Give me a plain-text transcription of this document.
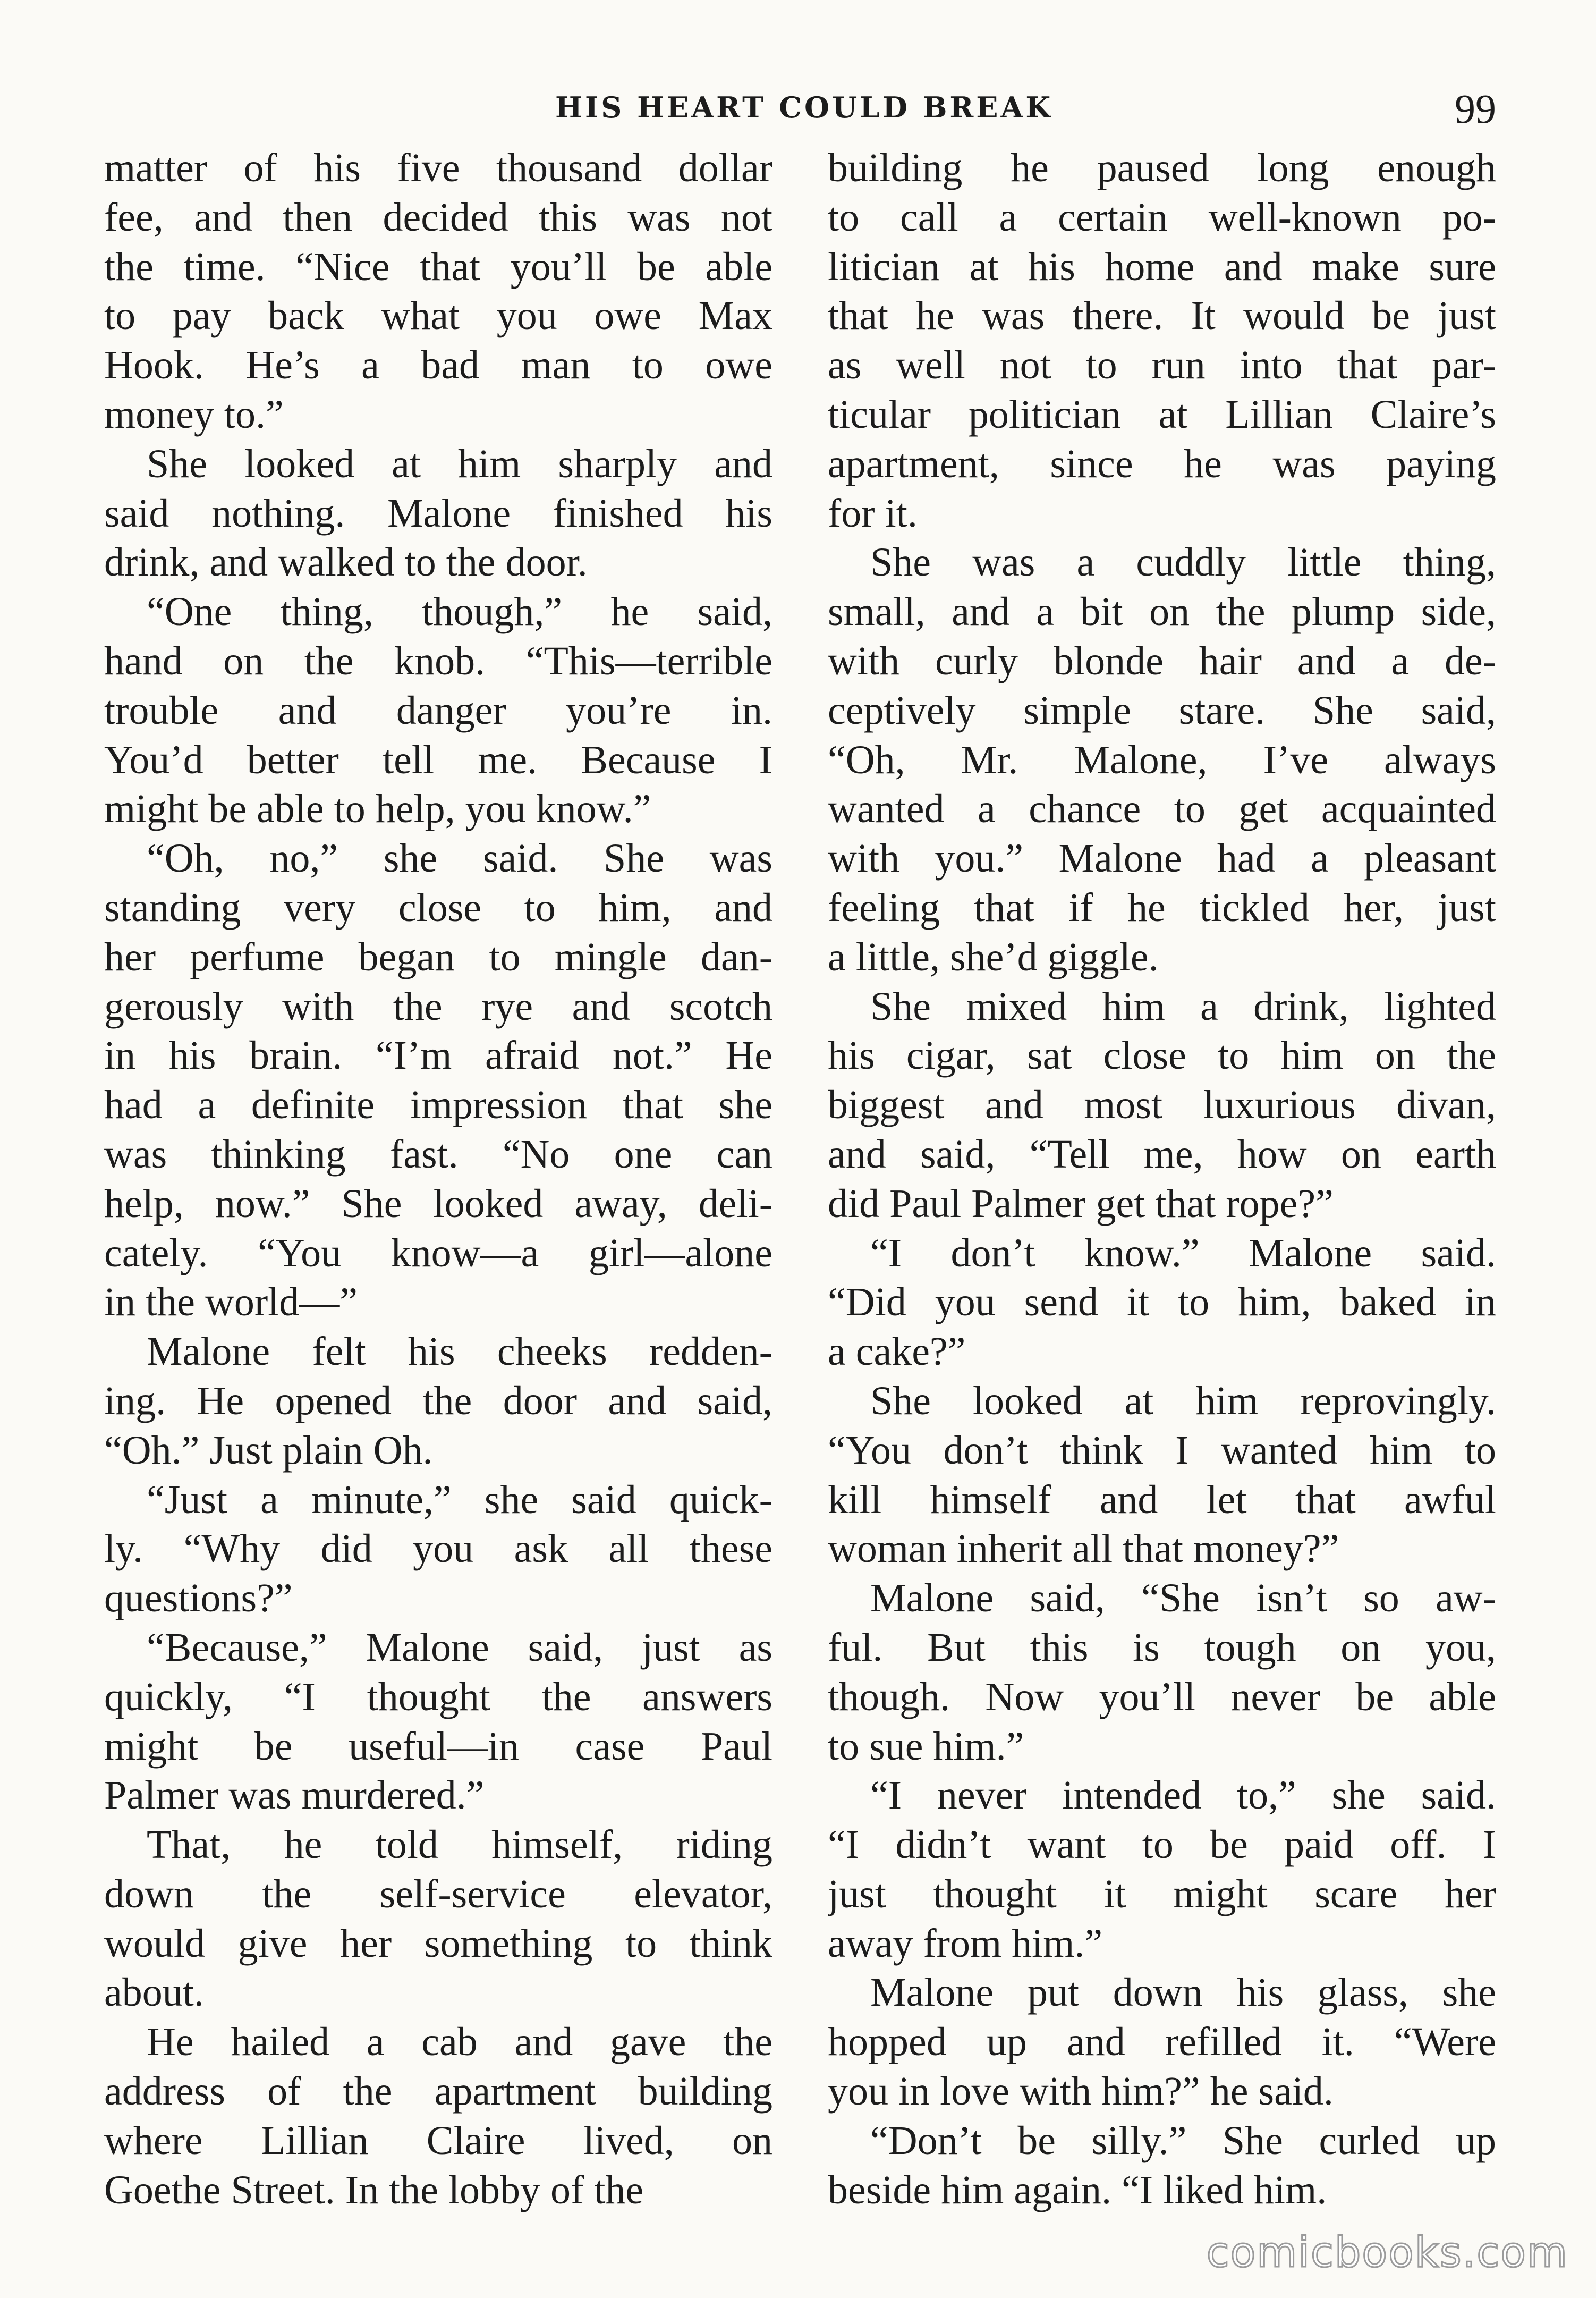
HIS HEART COULD BREAK	99
matter of his five thousand dollar
fee, and then decided this was not
the time. “Nice that you’ll be able
to pay back what you owe Max
Hook. He’s a bad man to owe
money to.”
She looked at him sharply and
said nothing. Malone finished his
drink, and walked to the door.
“One thing, though,” he said,
hand on the knob. “This—terrible
trouble and danger you’re in.
You’d better tell me. Because I
might be able to help, you know.”
“Oh, no,” she said. She was
standing very close to him, and
her perfume began to mingle dan-
gerously with the rye and scotch
in his brain. “I’m afraid not.” He
had a definite impression that she
was thinking fast. “No one can
help, now.” She looked away, deli-
cately. “You know—a girl—alone
in the world—”
Malone felt his cheeks redden-
ing. He opened the door and said,
“Oh.” Just plain Oh.
“Just a minute,” she said quick-
ly. “Why did you ask all these
questions?”
“Because,” Malone said, just as
quickly, “I thought the answers
might be useful—in case Paul
Palmer was murdered.”
That, he told himself, riding
down the self-service elevator,
would give her something to think
about.
He hailed a cab and gave the
address of the apartment building
where Lillian Claire lived, on
Goethe Street. In the lobby of the
building he paused long enough
to call a certain well-known po-
litician at his home and make sure
that he was there. It would be just
as well not to run into that par-
ticular politician at Lillian Claire’s
apartment, since he was paying
for it.
She was a cuddly little thing,
small, and a bit on the plump side,
with curly blonde hair and a de-
ceptively simple stare. She said,
“Oh, Mr. Malone, I’ve always
wanted a chance to get acquainted
with you.” Malone had a pleasant
feeling that if he tickled her, just
a little, she’d giggle.
She mixed him a drink, lighted
his cigar, sat close to him on the
biggest and most luxurious divan,
and said, “Tell me, how on earth
did Paul Palmer get that rope?”
“I don’t know.” Malone said.
“Did you send it to him, baked in
a cake?”
She looked at him reprovingly.
“You don’t think I wanted him to
kill himself and let that awful
woman inherit all that money?”
Malone said, “She isn’t so aw-
ful. But this is tough on you,
though. Now you’ll never be able
to sue him.”
“I never intended to,” she said.
“I didn’t want to be paid off. I
just thought it might scare her
away from him.”
Malone put down his glass, she
hopped up and refilled it. “Were
you in love with him?” he said.
“Don’t be silly.” She curled up
beside him again. “I liked him.
comicbooks.com
